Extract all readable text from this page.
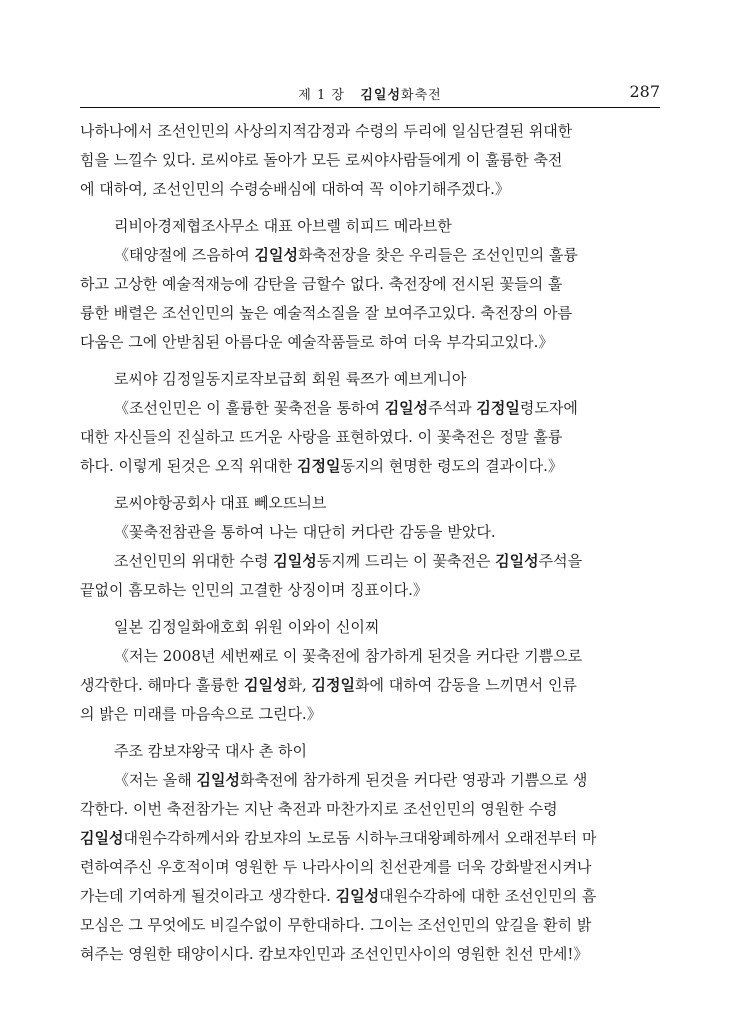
제 1 장 김일성화축전	287
나하나에서 조선인민의 사상의지적감정과 수령의 두리에 일심단결된 위대한
힘을 느낄수 있다. 로씨야로 돌아가 모든 로씨야사람들에게 이 훌륭한 축전
에 대하여, 조선인민의 수령숭배심에 대하여 꼭 이야기해주겠다.》
리비아경제협조사무소 대표 아브렐 히피드 메라브한
《태양절에 즈음하여 김일성화축전장을 찾은 우리들은 조선인민의 훌륭
하고 고상한 예술적재능에 감탄을 금할수 없다. 축전장에 전시된 꽃들의 훌
륭한 배렬은 조선인민의 높은 예술적소질을 잘 보여주고있다. 축전장의 아름
다움은 그에 안받침된 아름다운 예술작품들로 하여 더욱 부각되고있다.》
로씨야 김정일동지로작보급회 회원 륙쯔가 예브게니아
《조선인민은 이 훌륭한 꽃축전을 통하여 김일성주석과 김정일령도자에
대한 자신들의 진실하고 뜨거운 사랑을 표현하였다. 이 꽃축전은 정말 훌륭
하다. 이렇게 된것은 오직 위대한 김정일동지의 현명한 령도의 결과이다.》
로씨야항공회사 대표 뻬오뜨늬브
《꽃축전참관을 통하여 나는 대단히 커다란 감동을 받았다.
조선인민의 위대한 수령 김일성동지께 드리는 이 꽃축전은 김일성주석을
끝없이 흠모하는 인민의 고결한 상징이며 징표이다.》
일본 김정일화애호회 위원 이와이 신이찌
《저는 2008년 세번째로 이 꽃축전에 참가하게 된것을 커다란 기쁨으로
생각한다. 해마다 훌륭한 김일성화, 김정일화에 대하여 감동을 느끼면서 인류
의 밝은 미래를 마음속으로 그린다.》
주조 캄보쟈왕국 대사 촌 하이
《저는 올해 김일성화축전에 참가하게 된것을 커다란 영광과 기쁨으로 생
각한다. 이번 축전참가는 지난 축전과 마찬가지로 조선인민의 영원한 수령
김일성대원수각하께서와 캄보쟈의 노로돔 시하누크대왕폐하께서 오래전부터 마
련하여주신 우호적이며 영원한 두 나라사이의 친선관계를 더욱 강화발전시켜나
가는데 기여하게 될것이라고 생각한다. 김일성대원수각하에 대한 조선인민의 흠
모심은 그 무엇에도 비길수없이 무한대하다. 그이는 조선인민의 앞길을 환히 밝
혀주는 영원한 태양이시다. 캄보쟈인민과 조선인민사이의 영원한 친선 만세!》
